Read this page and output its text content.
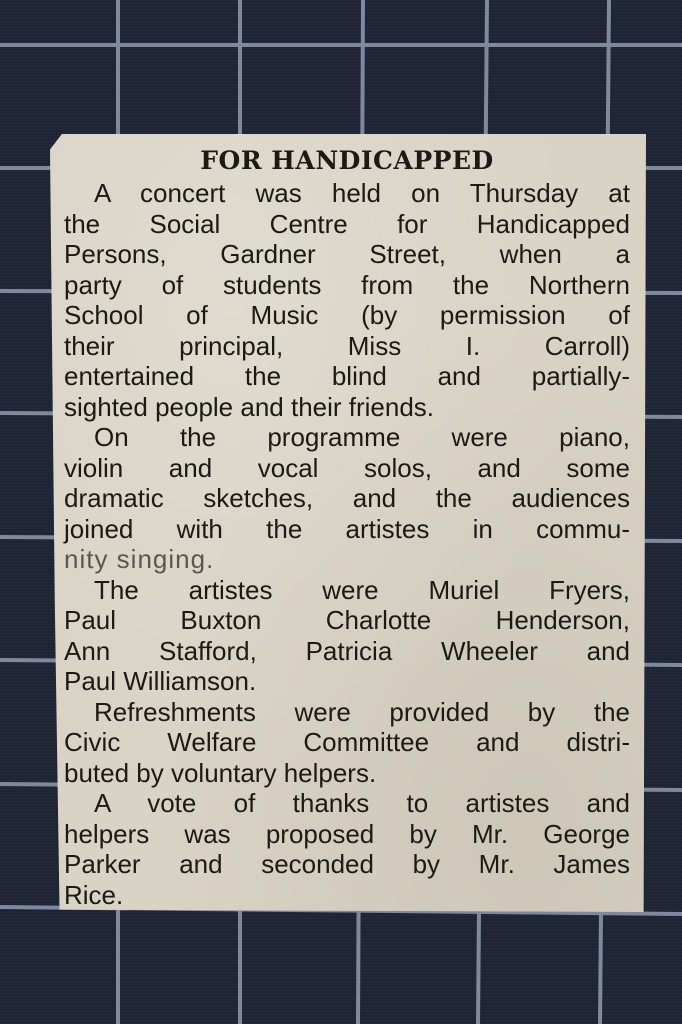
FOR HANDICAPPED
A concert was held on Thursday at
the Social Centre for Handicapped
Persons, Gardner Street, when a
party of students from the Northern
School of Music (by permission of
their principal, Miss I. Carroll)
entertained the blind and partially-
sighted people and their friends.
On the programme were piano,
violin and vocal solos, and some
dramatic sketches, and the audiences
joined with the artistes in commu-
nity singing.
The artistes were Muriel Fryers,
Paul Buxton Charlotte Henderson,
Ann Stafford, Patricia Wheeler and
Paul Williamson.
Refreshments were provided by the
Civic Welfare Committee and distri-
buted by voluntary helpers.
A vote of thanks to artistes and
helpers was proposed by Mr. George
Parker and seconded by Mr. James
Rice.
